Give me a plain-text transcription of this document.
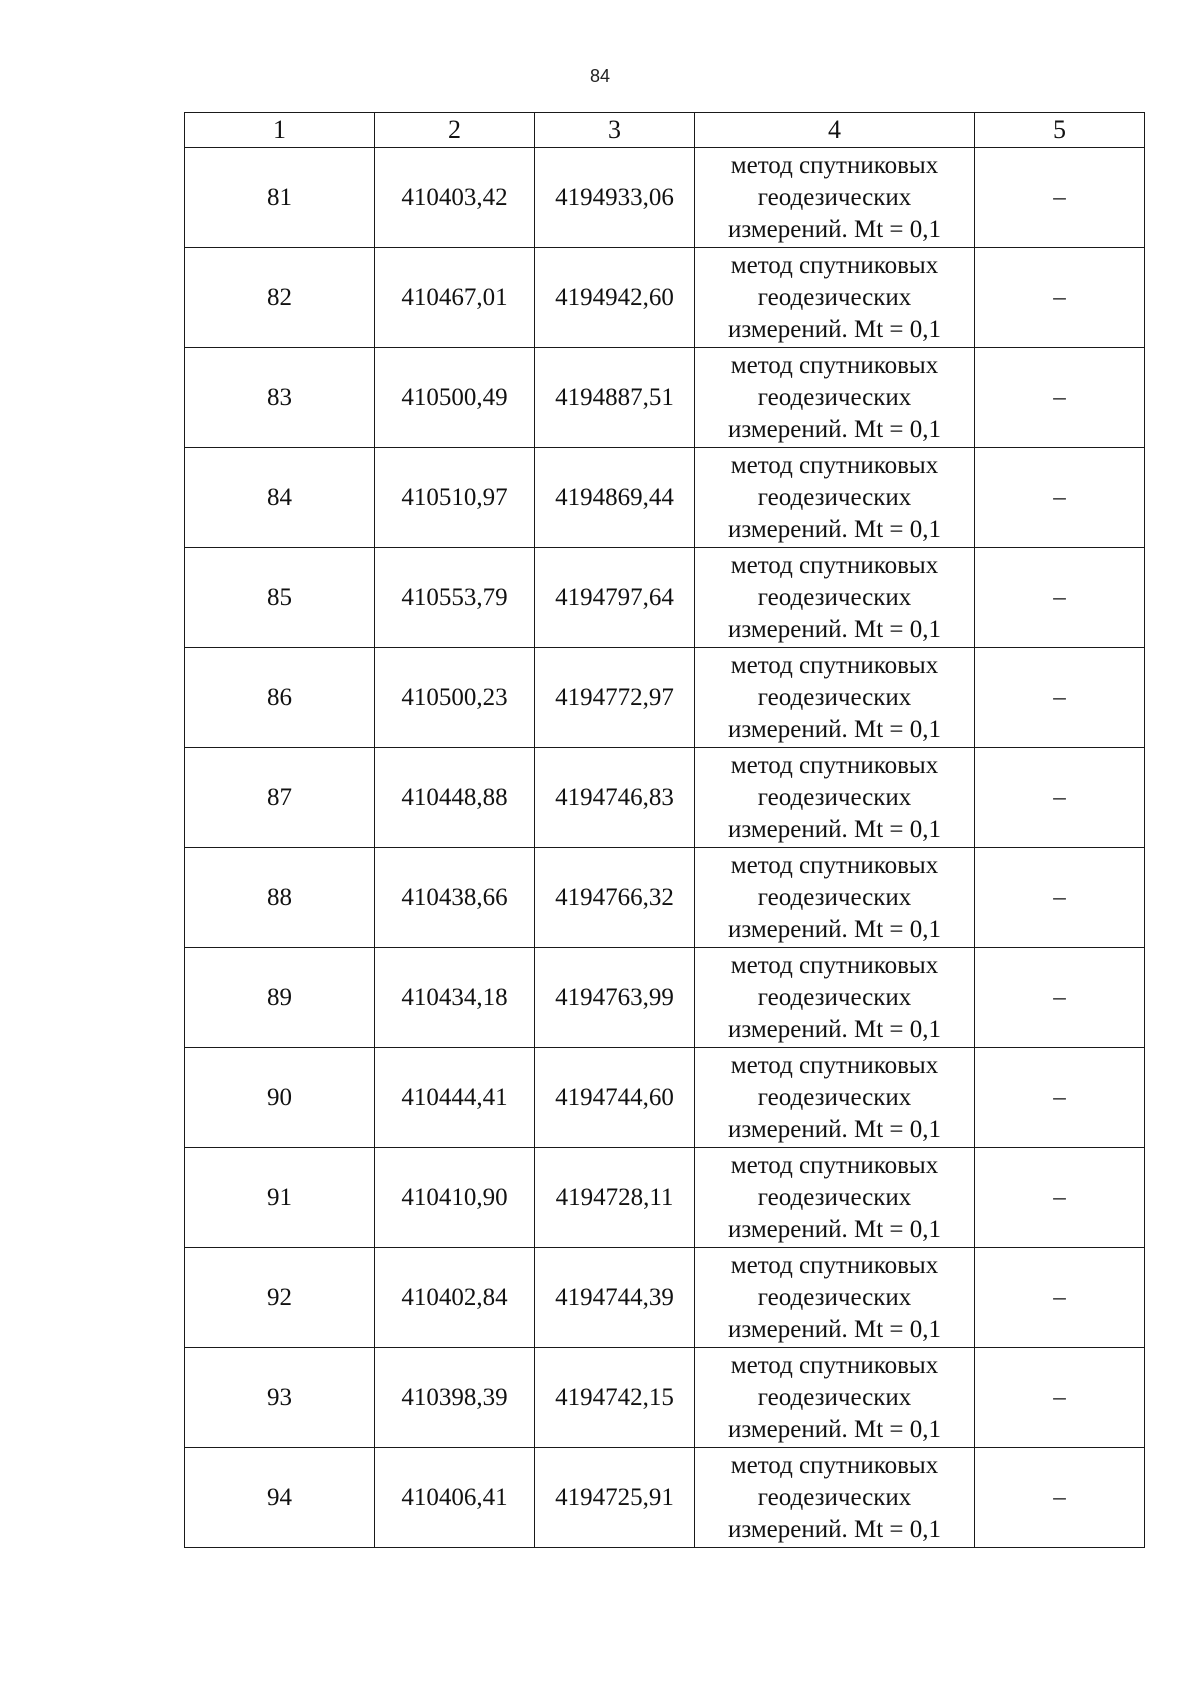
84
1	2	3	4	5
81	410403,42	4194933,06	метод спутниковых
геодезических
измерений. Mt = 0,1	–
82	410467,01	4194942,60	метод спутниковых
геодезических
измерений. Mt = 0,1	–
83	410500,49	4194887,51	метод спутниковых
геодезических
измерений. Mt = 0,1	–
84	410510,97	4194869,44	метод спутниковых
геодезических
измерений. Mt = 0,1	–
85	410553,79	4194797,64	метод спутниковых
геодезических
измерений. Mt = 0,1	–
86	410500,23	4194772,97	метод спутниковых
геодезических
измерений. Mt = 0,1	–
87	410448,88	4194746,83	метод спутниковых
геодезических
измерений. Mt = 0,1	–
88	410438,66	4194766,32	метод спутниковых
геодезических
измерений. Mt = 0,1	–
89	410434,18	4194763,99	метод спутниковых
геодезических
измерений. Mt = 0,1	–
90	410444,41	4194744,60	метод спутниковых
геодезических
измерений. Mt = 0,1	–
91	410410,90	4194728,11	метод спутниковых
геодезических
измерений. Mt = 0,1	–
92	410402,84	4194744,39	метод спутниковых
геодезических
измерений. Mt = 0,1	–
93	410398,39	4194742,15	метод спутниковых
геодезических
измерений. Mt = 0,1	–
94	410406,41	4194725,91	метод спутниковых
геодезических
измерений. Mt = 0,1	–
